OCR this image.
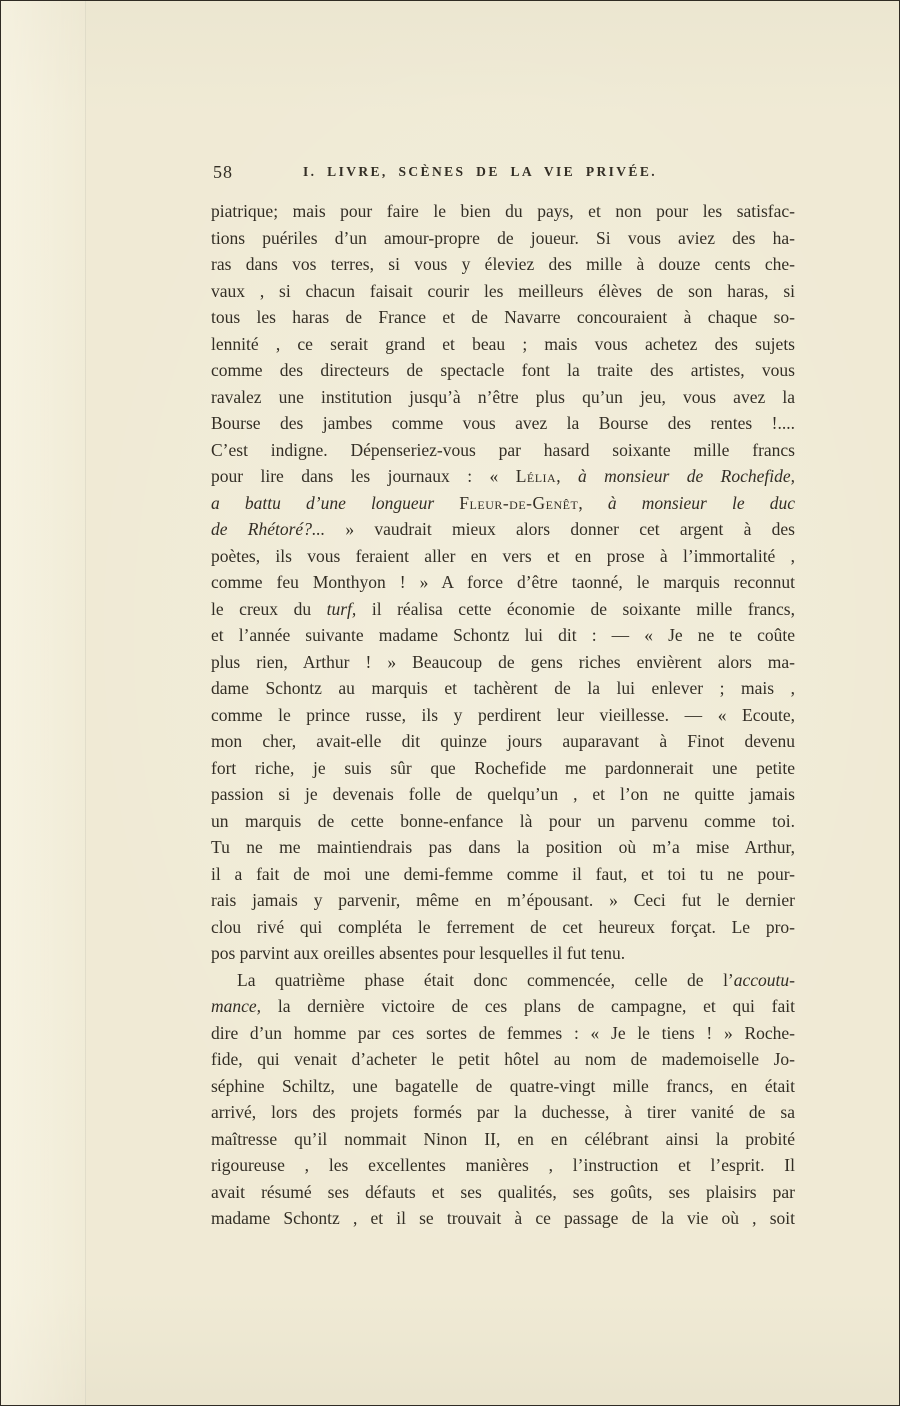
58	I. LIVRE, SCÈNES DE LA VIE PRIVÉE.
piatrique; mais pour faire le bien du pays, et non pour les satisfac-
tions puériles d’un amour-propre de joueur. Si vous aviez des ha-
ras dans vos terres, si vous y éleviez des mille à douze cents che-
vaux , si chacun faisait courir les meilleurs élèves de son haras, si
tous les haras de France et de Navarre concouraient à chaque so-
lennité , ce serait grand et beau ; mais vous achetez des sujets
comme des directeurs de spectacle font la traite des artistes, vous
ravalez une institution jusqu’à n’être plus qu’un jeu, vous avez la
Bourse des jambes comme vous avez la Bourse des rentes !....
C’est indigne. Dépenseriez-vous par hasard soixante mille francs
pour lire dans les journaux : « Lélia, à monsieur de Rochefide,
a battu d’une longueur Fleur-de-Genêt, à monsieur le duc
de Rhétoré?... » vaudrait mieux alors donner cet argent à des
poètes, ils vous feraient aller en vers et en prose à l’immortalité ,
comme feu Monthyon ! » A force d’être taonné, le marquis reconnut
le creux du turf, il réalisa cette économie de soixante mille francs,
et l’année suivante madame Schontz lui dit : — « Je ne te coûte
plus rien, Arthur ! » Beaucoup de gens riches envièrent alors ma-
dame Schontz au marquis et tachèrent de la lui enlever ; mais ,
comme le prince russe, ils y perdirent leur vieillesse. — « Ecoute,
mon cher, avait-elle dit quinze jours auparavant à Finot devenu
fort riche, je suis sûr que Rochefide me pardonnerait une petite
passion si je devenais folle de quelqu’un , et l’on ne quitte jamais
un marquis de cette bonne-enfance là pour un parvenu comme toi.
Tu ne me maintiendrais pas dans la position où m’a mise Arthur,
il a fait de moi une demi-femme comme il faut, et toi tu ne pour-
rais jamais y parvenir, même en m’épousant. » Ceci fut le dernier
clou rivé qui compléta le ferrement de cet heureux forçat. Le pro-
pos parvint aux oreilles absentes pour lesquelles il fut tenu.
La quatrième phase était donc commencée, celle de l’accoutu-
mance, la dernière victoire de ces plans de campagne, et qui fait
dire d’un homme par ces sortes de femmes : « Je le tiens ! » Roche-
fide, qui venait d’acheter le petit hôtel au nom de mademoiselle Jo-
séphine Schiltz, une bagatelle de quatre-vingt mille francs, en était
arrivé, lors des projets formés par la duchesse, à tirer vanité de sa
maîtresse qu’il nommait Ninon II, en en célébrant ainsi la probité
rigoureuse , les excellentes manières , l’instruction et l’esprit. Il
avait résumé ses défauts et ses qualités, ses goûts, ses plaisirs par
madame Schontz , et il se trouvait à ce passage de la vie où , soit
